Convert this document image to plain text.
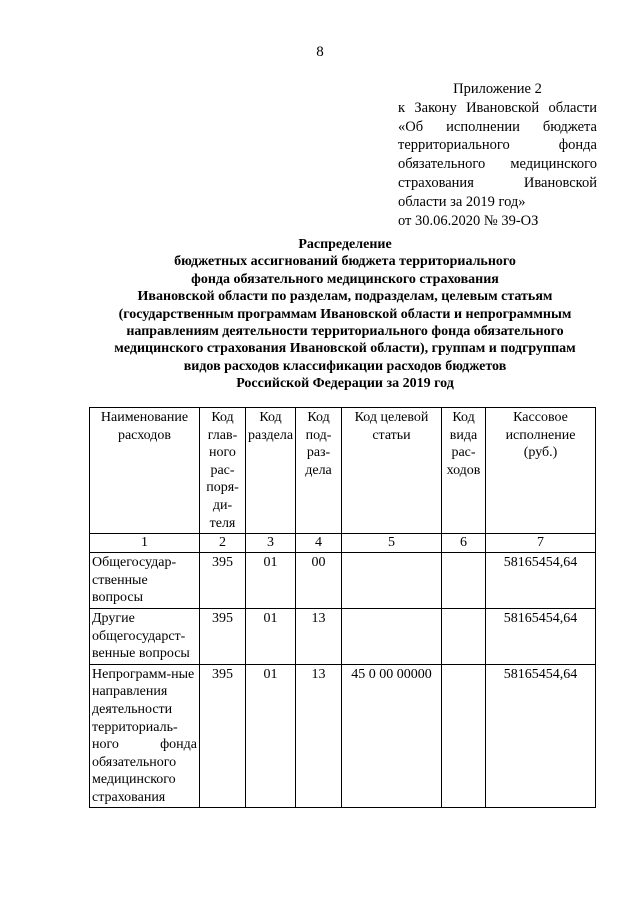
8
Приложение 2
к Закону Ивановской области
«Об исполнении бюджета
территориального фонда
обязательного медицинского
страхования Ивановской
области за 2019 год»
от 30.06.2020 № 39-ОЗ
Распределение
бюджетных ассигнований бюджета территориального
фонда обязательного медицинского страхования
Ивановской области по разделам, подразделам, целевым статьям
(государственным программам Ивановской области и непрограммным
направлениям деятельности территориального фонда обязательного
медицинского страхования Ивановской области), группам и подгруппам
видов расходов классификации расходов бюджетов
Российской Федерации за 2019 год
Наименование расходов	Код глав-ного рас-поря-ди-теля	Код раздела	Код под-раз-дела	Код целевой статьи	Код вида рас-ходов	Кассовое исполнение (руб.)
1	2	3	4	5	6	7
Общегосудар-ственные вопросы	395	01	00			58165454,64
Другие общегосударст-венные вопросы	395	01	13			58165454,64
Непрограмм-ные направления деятельности территориаль-ного фонда обязательного медицинского страхования	395	01	13	45 0 00 00000		58165454,64
